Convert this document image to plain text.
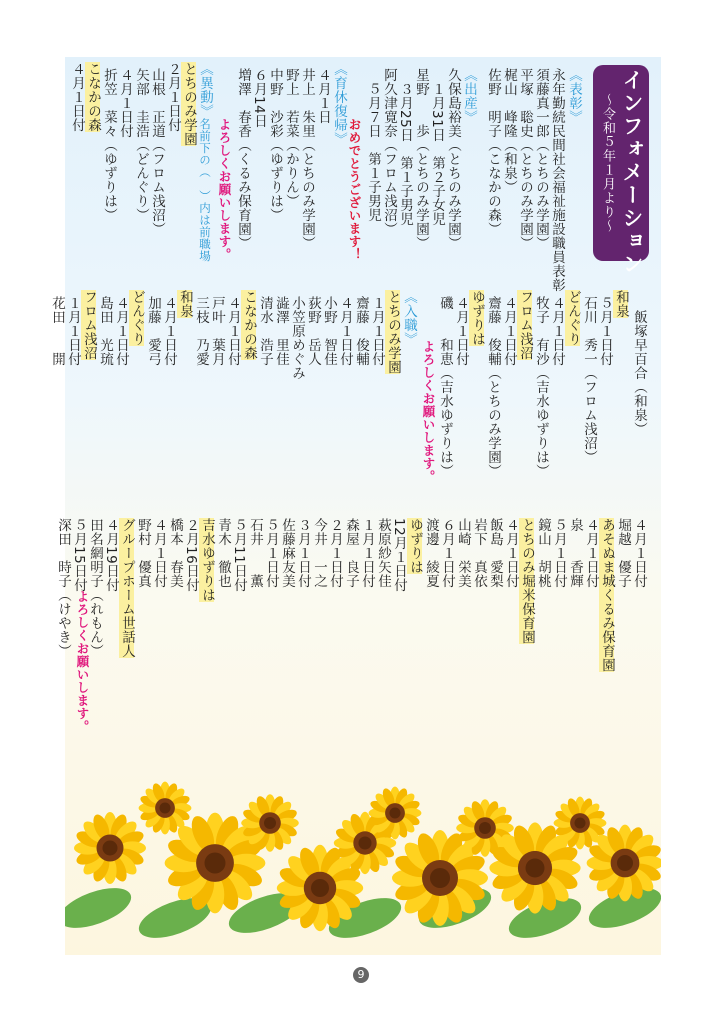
インフォメーション
〜令和５年１月より〜
《表彰》
永年勤続民間社会福祉施設職員表彰
須藤真一郎（とちのみ学園）
平塚　聡史（とちのみ学園）
梶山　峰隆（和泉）
佐野　明子（こなかの森）
《出産》
久保島裕美（とちのみ学園）
１月31日　第２子女児
星野　　歩（とちのみ学園）
３月25日　第１子男児
阿久津寛奈（フロム浅沼）
５月７日　第１子男児
おめでとうございます！
《育休復帰》
４月１日
井上　朱里（とちのみ学園）
野上　若菜（かりん）
中野　沙彩（ゆずりは）
６月14日
増澤　春香（くるみ保育園）
よろしくお願いします。
《異動》
名前下の（　）内は前職場
とちのみ学園
２月１日付
山根　正道（フロム浅沼）
矢部　圭浩（どんぐり）
４月１日付
折笠　菜々（ゆずりは）
こなかの森
４月１日付
和泉 　飯塚早百合（和泉）
５月１日付
石川　秀一（フロム浅沼）
どんぐり
４月１日付
牧子　有沙（吉水ゆずりは）
フロム浅沼
４月１日付
齋藤　俊輔（とちのみ学園）
ゆずりは
４月１日付
磯　　和恵（吉水ゆずりは）
よろしくお願いします。
《入職》
とちのみ学園
１月１日付
齋藤　俊輔
４月１日付
小野　智佳
荻野　岳人
小笠原めぐみ
澁澤　里佳
清水　浩子
こなかの森
４月１日付
戸叶　葉月
三枝　乃愛
和泉
４月１日付
加藤　愛弓
どんぐり
４月１日付
島田　光琉
フロム浅沼
１月１日付
花田　　開
４月１日付
堀越　優子
あそぬま城くるみ保育園
４月１日付
泉　　香輝
５月１日付
鏡山　胡桃
とちのみ堀米保育園
４月１日付
飯島　愛梨
岩下　真依
山崎　栄美
６月１日付
渡邊　綾夏
ゆずりは
12月１日付
萩原紗矢佳
１月１日付
森屋　良子
２月１日付
今井　一之
３月１日付
佐藤麻友美
５月１日付
石井　　薫
５月11日付
青木　徹也
吉水ゆずりは
２月16日付
橋本　春美
４月１日付
野村　優真
グループホーム世話人
４月19日付
田名網明子（れもん）
５月15日付
深田　時子（けやき）
よろしくお願いします。
9
